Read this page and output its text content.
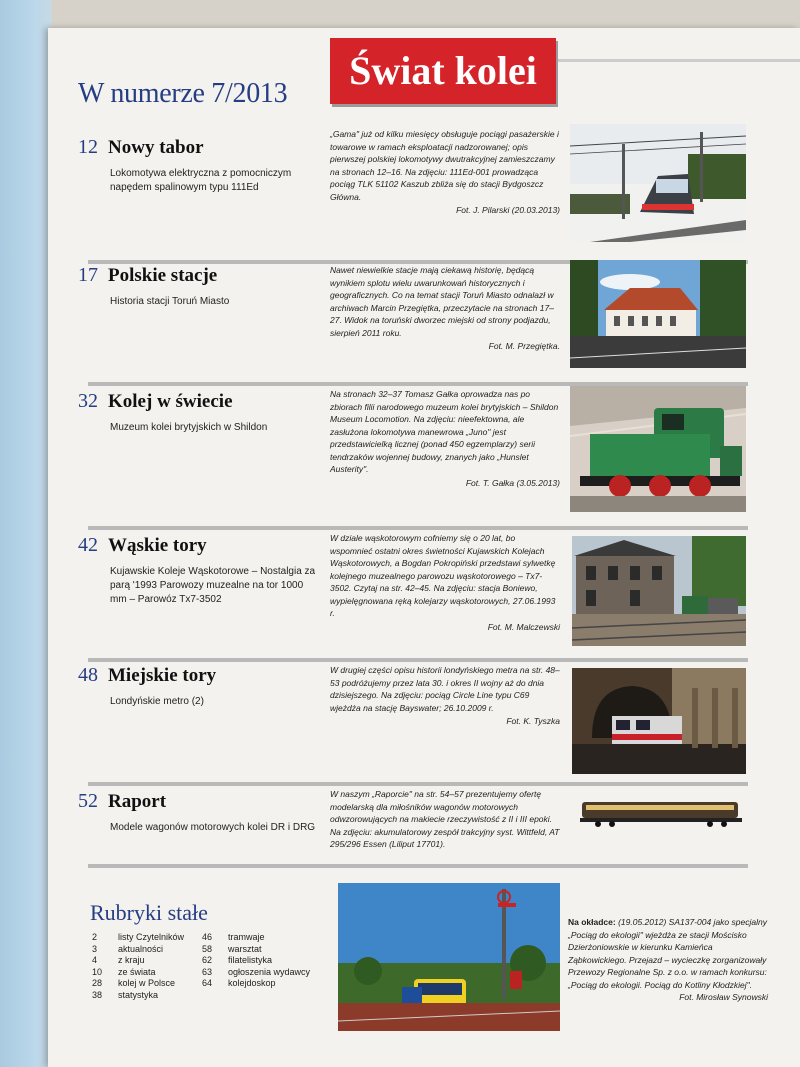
W numerze 7/2013
Świat kolei
12 Nowy tabor
Lokomotywa elektryczna z pomocniczym napędem spalinowym typu 111Ed
„Gama" już od kilku miesięcy obsługuje pociągi pasażerskie i towarowe w ramach eksploatacji nadzorowanej; opis pierwszej polskiej lokomotywy dwutrakcyjnej zamieszczamy na stronach 12–16. Na zdjęciu: 111Ed-001 prowadząca pociąg TLK 51102 Kaszub zbliża się do stacji Bydgoszcz Główna.
Fot. J. Pilarski (20.03.2013)
17 Polskie stacje
Historia stacji Toruń Miasto
Nawet niewielkie stacje mają ciekawą historię, będącą wynikiem splotu wielu uwarunkowań historycznych i geograficznych. Co na temat stacji Toruń Miasto odnalazł w archiwach Marcin Przegiętka, przeczytacie na stronach 17–27. Widok na toruński dworzec miejski od strony podjazdu, sierpień 2011 roku.
Fot. M. Przegiętka.
32 Kolej w świecie
Muzeum kolei brytyjskich w Shildon
Na stronach 32–37 Tomasz Gałka oprowadza nas po zbiorach filii narodowego muzeum kolei brytyjskich – Shildon Museum Locomotion. Na zdjęciu: nieefektowna, ale zasłużona lokomotywa manewrowa „Juno" jest przedstawicielką licznej (ponad 450 egzemplarzy) serii tendrzaków wojennej budowy, znanych jako „Hunslet Austerity".
Fot. T. Gałka (3.05.2013)
42 Wąskie tory
Kujawskie Koleje Wąskotorowe – Nostalgia za parą '1993 Parowozy muzealne na tor 1000 mm – Parowóz Tx7-3502
W dziale wąskotorowym cofniemy się o 20 lat, bo wspomnieć ostatni okres świetności Kujawskich Kolejach Wąskotorowych, a Bogdan Pokropiński przedstawi sylwetkę kolejnego muzealnego parowozu wąskotorowego – Tx7-3502. Czytaj na str. 42–45. Na zdjęciu: stacja Boniewo, wypielęgnowana ręką kolejarzy wąskotorowych, 27.06.1993 r.
Fot. M. Malczewski
48 Miejskie tory
Londyńskie metro (2)
W drugiej części opisu historii londyńskiego metra na str. 48–53 podróżujemy przez lata 30. i okres II wojny aż do dnia dzisiejszego. Na zdjęciu: pociąg Circle Line typu C69 wjeżdża na stację Bayswater; 26.10.2009 r.
Fot. K. Tyszka
52 Raport
Modele wagonów motorowych kolei DR i DRG
W naszym „Raporcie" na str. 54–57 prezentujemy ofertę modelarską dla miłośników wagonów motorowych odwzorowujących na makiecie rzeczywistość z II i III epoki. Na zdjęciu: akumulatorowy zespół trakcyjny syst. Wittfeld, AT 295/296 Essen (Liliput 17701).
Rubryki stałe
2	listy Czytelników
3	aktualności
4	z kraju
10	ze świata
28	kolej w Polsce
38	statystyka
46	tramwaje
58	warsztat
62	filatelistyka
63	ogłoszenia wydawcy
64	kolejdoskop
Na okładce: (19.05.2012) SA137-004 jako specjalny „Pociąg do ekologii" wjeżdża ze stacji Mościsko Dzierżoniowskie w kierunku Kamieńca Ząbkowickiego. Przejazd – wycieczkę zorganizowały Przewozy Regionalne Sp. z o.o. w ramach konkursu: „Pociąg do ekologii. Pociąg do Kotliny Kłodzkiej".
Fot. Mirosław Synowski
